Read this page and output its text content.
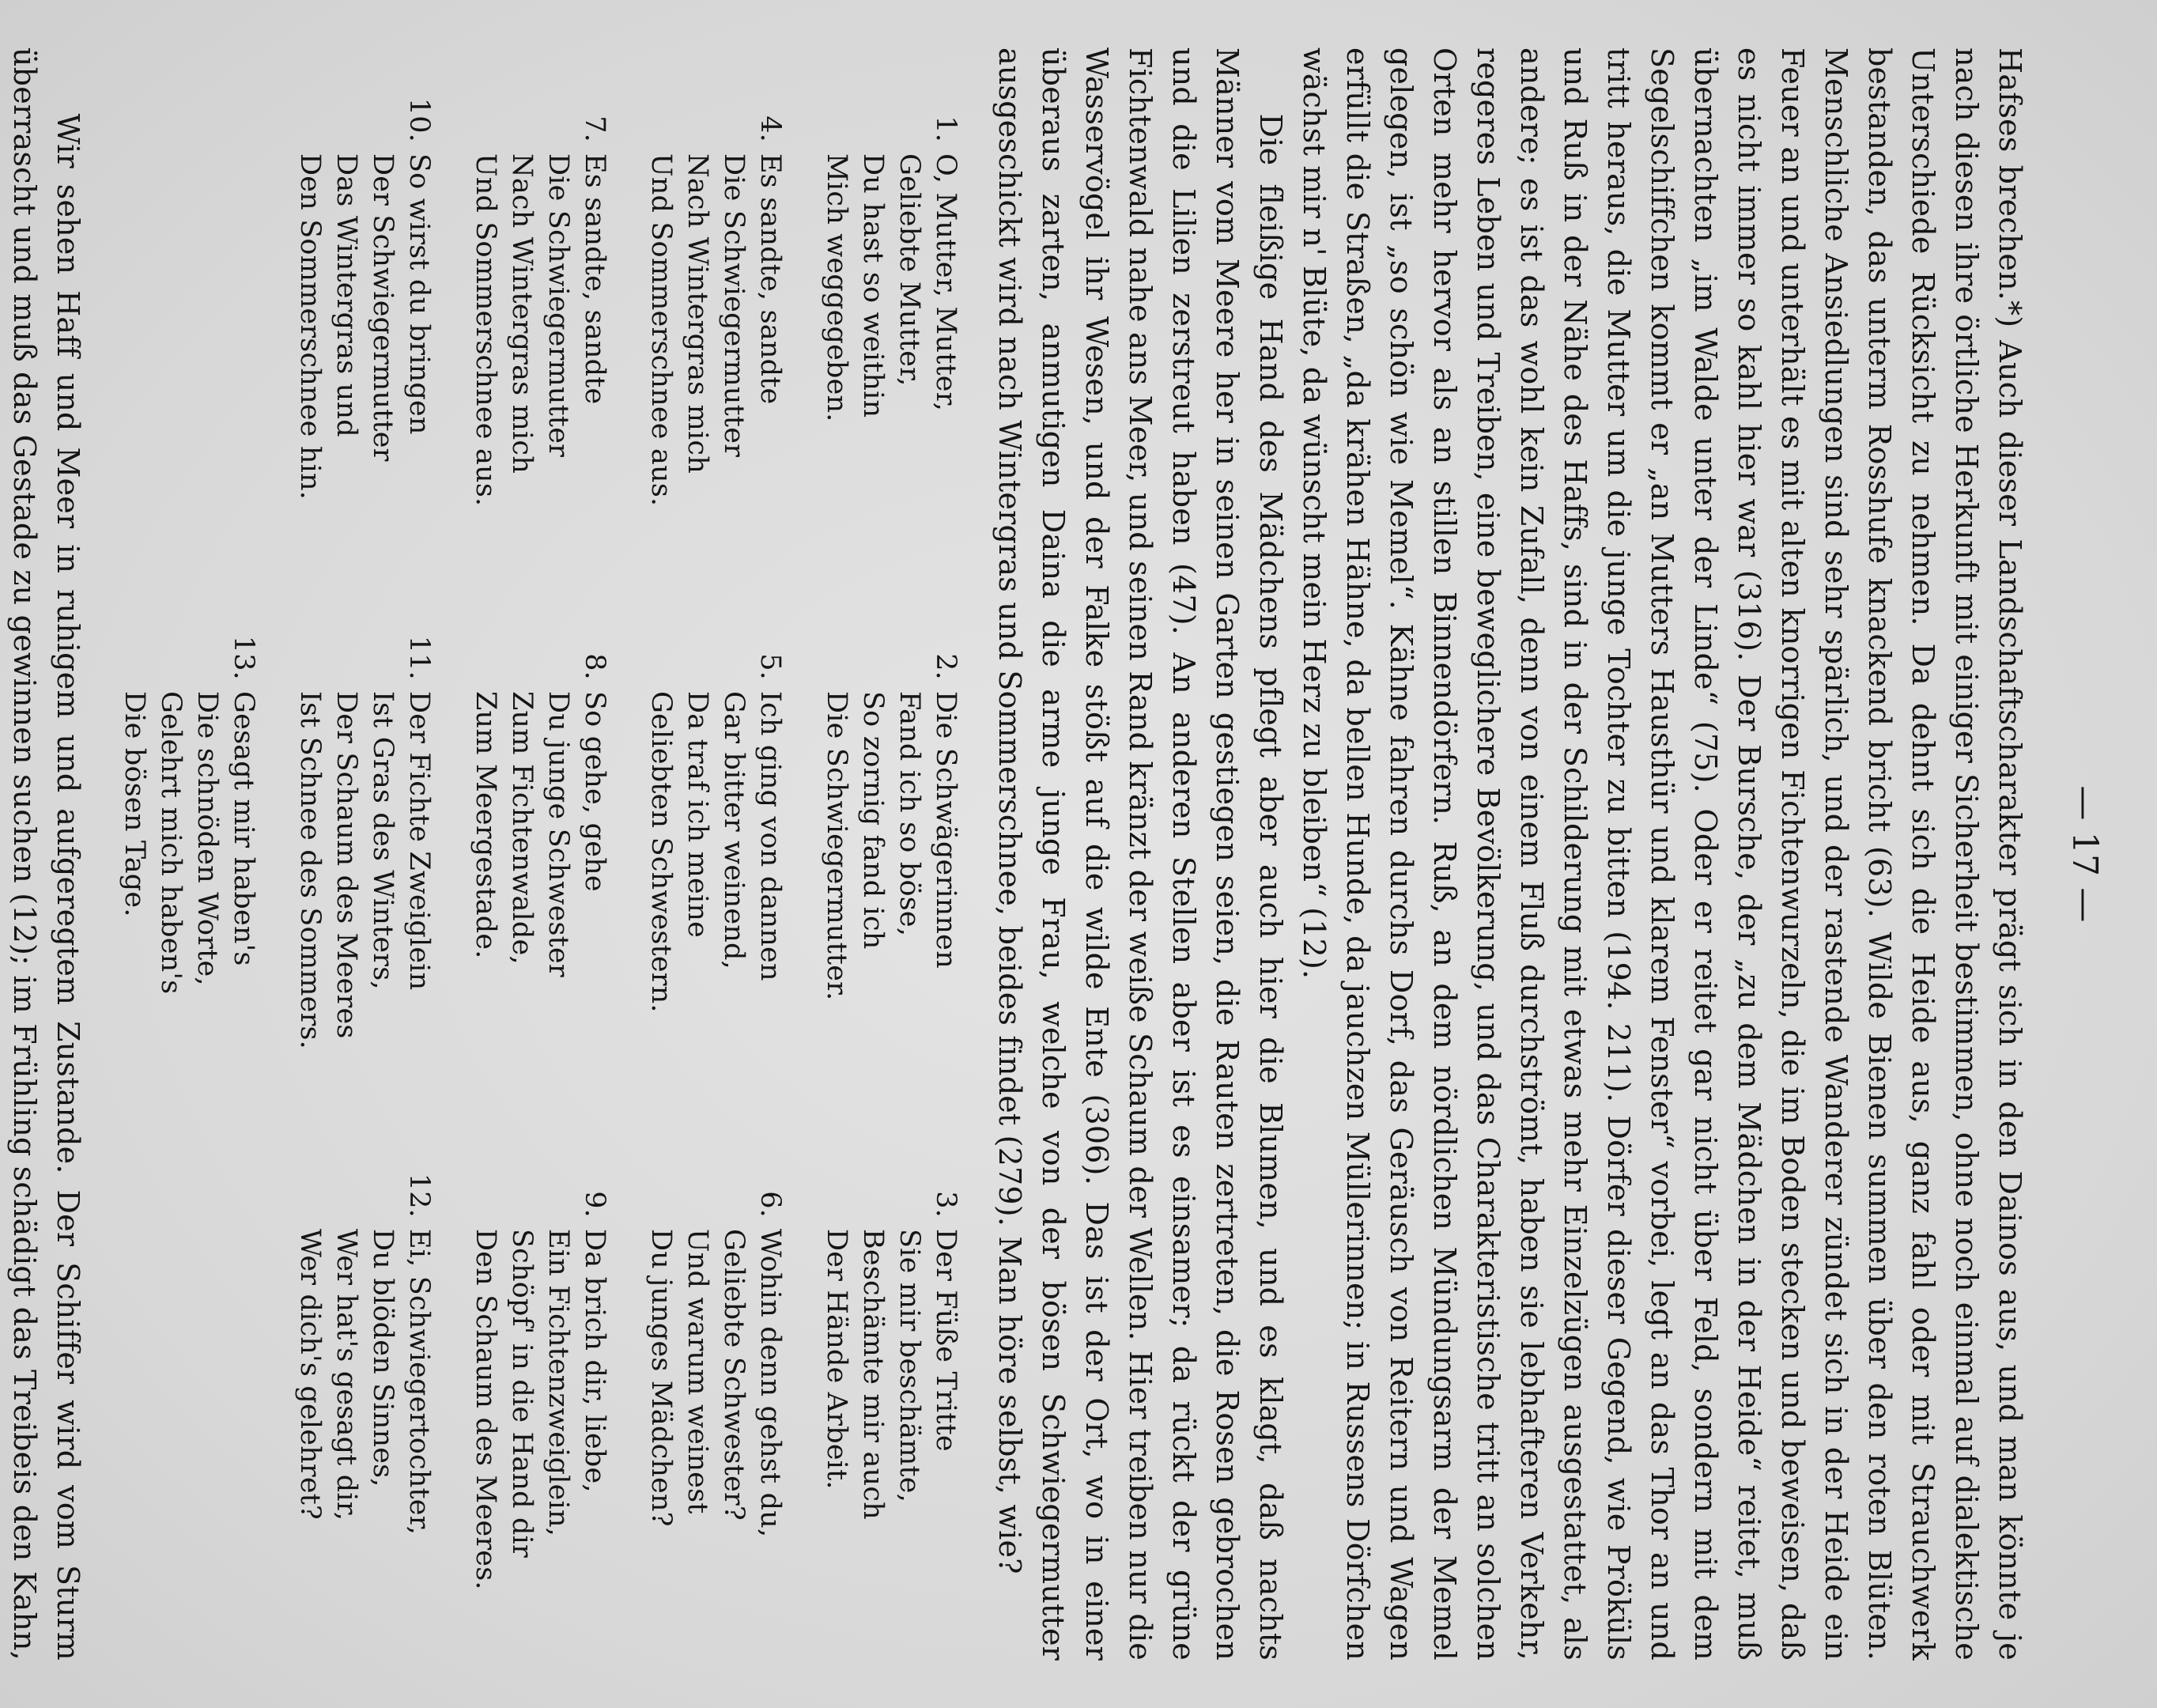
— 17 —

Hafses brechen.*) Auch dieser Landschaftscharakter prägt sich in den Dainos aus, und man könnte je nach diesen ihre örtliche Herkunft mit einiger Sicherheit bestimmen, ohne noch einmal auf dialektische Unterschiede Rücksicht zu nehmen. Da dehnt sich die Heide aus, ganz fahl oder mit Strauchwerk bestanden, das unterm Rosshufe knackend bricht (63). Wilde Bienen summen über den roten Blüten. Menschliche Ansiedlungen sind sehr spärlich, und der rastende Wanderer zündet sich in der Heide ein Feuer an und unterhält es mit alten knorrigen Fichtenwurzeln, die im Boden stecken und beweisen, daß es nicht immer so kahl hier war (316). Der Bursche, der „zu dem Mädchen in der Heide“ reitet, muß übernachten „im Walde unter der Linde“ (75). Oder er reitet gar nicht über Feld, sondern mit dem Segelschiffchen kommt er „an Mutters Hausthür und klarem Fenster“ vorbei, legt an das Thor an und tritt heraus, die Mutter um die junge Tochter zu bitten (194. 211). Dörfer dieser Gegend, wie Pröküls und Ruß in der Nähe des Haffs, sind in der Schilderung mit etwas mehr Einzelzügen ausgestattet, als andere; es ist das wohl kein Zufall, denn von einem Fluß durchströmt, haben sie lebhafteren Verkehr, regeres Leben und Treiben, eine beweglichere Bevölkerung, und das Charakteristische tritt an solchen Orten mehr hervor als an stillen Binnendörfern. Ruß, an dem nördlichen Mündungsarm der Memel gelegen, ist „so schön wie Memel“. Kähne fahren durchs Dorf, das Geräusch von Reitern und Wagen erfüllt die Straßen, „da krähen Hähne, da bellen Hunde, da jauchzen Müllerinnen; in Russens Dörfchen wächst mir n' Blüte, da wünscht mein Herz zu bleiben“ (12).

Die fleißige Hand des Mädchens pflegt aber auch hier die Blumen, und es klagt, daß nachts Männer vom Meere her in seinen Garten gestiegen seien, die Rauten zertreten, die Rosen gebrochen und die Lilien zerstreut haben (47). An anderen Stellen aber ist es einsamer; da rückt der grüne Fichtenwald nahe ans Meer, und seinen Rand kränzt der weiße Schaum der Wellen. Hier treiben nur die Wasservögel ihr Wesen, und der Falke stößt auf die wilde Ente (306). Das ist der Ort, wo in einer überaus zarten, anmutigen Daina die arme junge Frau, welche von der bösen Schwiegermutter ausgeschickt wird nach Wintergras und Sommerschnee, beides findet (279). Man höre selbst, wie?

1.
O, Mutter, Mutter,
Geliebte Mutter,
Du hast so weithin
Mich weggegeben.
2.
Die Schwägerinnen
Fand ich so böse,
So zornig fand ich
Die Schwiegermutter.
3.
Der Füße Tritte
Sie mir beschämte,
Beschämte mir auch
Der Hände Arbeit.
4.
Es sandte, sandte
Die Schwiegermutter
Nach Wintergras mich
Und Sommerschnee aus.
5.
Ich ging von dannen
Gar bitter weinend,
Da traf ich meine
Geliebten Schwestern.
6.
Wohin denn gehst du,
Geliebte Schwester?
Und warum weinest
Du junges Mädchen?
7.
Es sandte, sandte
Die Schwiegermutter
Nach Wintergras mich
Und Sommerschnee aus.
8.
So gehe, gehe
Du junge Schwester
Zum Fichtenwalde,
Zum Meergestade.
9.
Da brich dir, liebe,
Ein Fichtenzweiglein,
Schöpf' in die Hand dir
Den Schaum des Meeres.
10.
So wirst du bringen
Der Schwiegermutter
Das Wintergras und
Den Sommerschnee hin.
11.
Der Fichte Zweiglein
Ist Gras des Winters,
Der Schaum des Meeres
Ist Schnee des Sommers.
12.
Ei, Schwiegertochter,
Du blöden Sinnes,
Wer hat's gesagt dir,
Wer dich's gelehret?
13.
Gesagt mir haben's
Die schnöden Worte,
Gelehrt mich haben's
Die bösen Tage.

Wir sehen Haff und Meer in ruhigem und aufgeregtem Zustande. Der Schiffer wird vom Sturm überrascht und muß das Gestade zu gewinnen suchen (12); im Frühling schädigt das Treibeis den Kahn,
